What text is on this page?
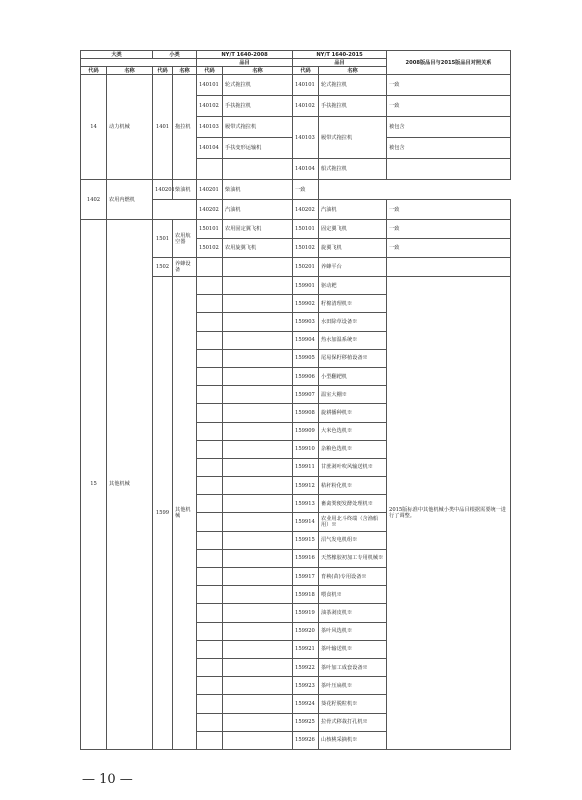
大类		小类		NY/T 1640-2008		NY/T 1640-2015		2008版品目与2015版品目对照关系
				品目		品目		
代码	名称	代码	名称	代码	名称	代码	名称	
14	动力机械	1401	拖拉机	140101	轮式拖拉机	140101	轮式拖拉机	一致
				140102	手扶拖拉机	140102	手扶拖拉机	一致
				140103	履带式拖拉机	140103	履带式拖拉机	被包含
				140104	手扶变形运输机			被包含
						140104	船式拖拉机	
1402	农用内燃机	140201	柴油机	140201	柴油机	一致		
				140202	汽油机	140202	汽油机	一致
15	其他机械	1501	农用航空器	150101	农用固定翼飞机	150101	固定翼飞机	一致
				150102	农用旋翼飞机	150102	旋翼飞机	一致
		1502	养蜂设备			150201	养蜂平台	
		1599	其他机械			159901	驱动耙	2015版标准中其他机械小类中品目根据需要统一进行了调整。
						159902	籽棉清理机※	
						159903	水田除草设备※	
						159904	热水加温系统※	
						159905	尾易保籽移植设备※	
						159906	小型翻耙机	
						159907	温室大棚※	
						159908	旋耕播种机※	
						159909	大米色选机※	
						159910	杂粮色选机※	
						159911	甘蔗剥叶吹风输送机※	
						159912	秸秆粉化机※	
						159913	畜禽粪便发酵处理机※	
						159914	农业用北斗终端（含渔船用）※	
						159915	沼气发电机组※	
						159916	天然橡胶初加工专用机械※	
						159917	育秧(苗)专用设备※	
						159918	喂食机※	
						159919	油茶剥皮机※	
						159920	茶叶风选机※	
						159921	茶叶输送机※	
						159922	茶叶加工成套设备※	
						159923	茶叶压扁机※	
						159924	葵花籽脱粒机※	
						159925	拉骨式移栽打孔机※	
						159926	山核桃采摘机※	
— 10 —
